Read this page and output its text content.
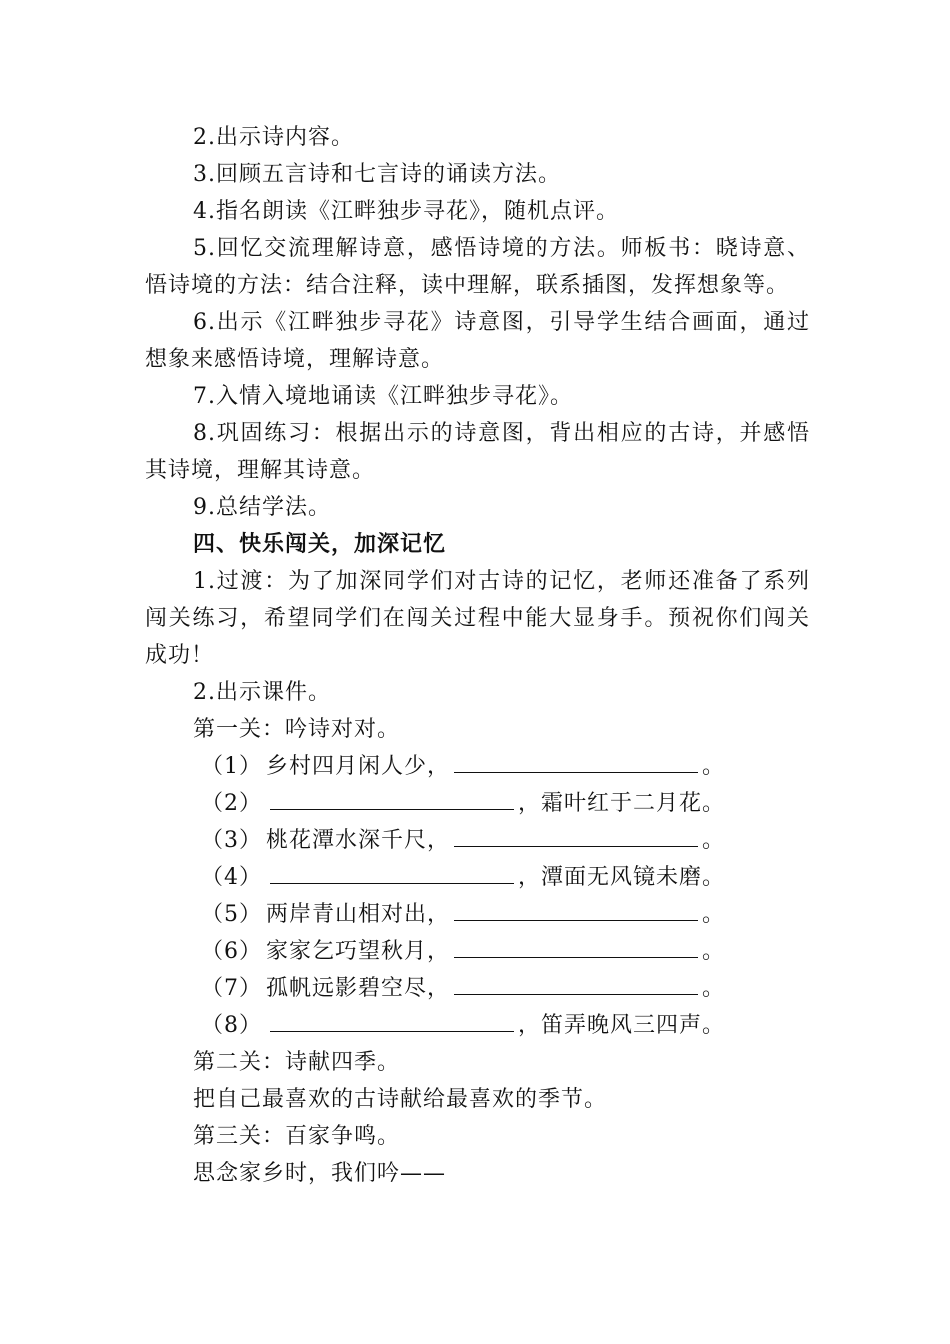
2.出示诗内容。

3.回顾五言诗和七言诗的诵读方法。

4.指名朗读《江畔独步寻花》，随机点评。

5.回忆交流理解诗意，感悟诗境的方法。师板书：晓诗意、悟诗境的方法：结合注释，读中理解，联系插图，发挥想象等。

6.出示《江畔独步寻花》诗意图，引导学生结合画面，通过想象来感悟诗境，理解诗意。

7.入情入境地诵读《江畔独步寻花》。

8.巩固练习：根据出示的诗意图，背出相应的古诗，并感悟其诗境，理解其诗意。

9.总结学法。

四、快乐闯关，加深记忆

1.过渡：为了加深同学们对古诗的记忆，老师还准备了系列闯关练习，希望同学们在闯关过程中能大显身手。预祝你们闯关成功！

2.出示课件。

第一关：吟诗对对。

（1） 乡村四月闲人少，	。
（2）	，霜叶红于二月花。
（3） 桃花潭水深千尺，	。
（4）	，潭面无风镜未磨。
（5） 两岸青山相对出，	。
（6） 家家乞巧望秋月，	。
（7） 孤帆远影碧空尽，	。
（8）	，笛弄晚风三四声。

第二关：诗献四季。

把自己最喜欢的古诗献给最喜欢的季节。

第三关：百家争鸣。

思念家乡时，我们吟——
